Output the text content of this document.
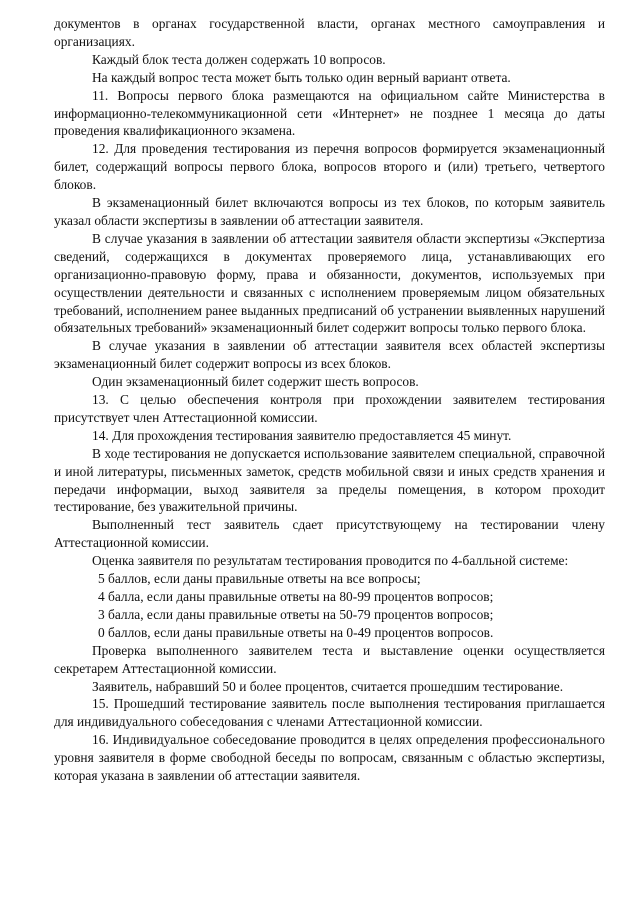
документов в органах государственной власти, органах местного самоуправления и организациях.

Каждый блок теста должен содержать 10 вопросов.

На каждый вопрос теста может быть только один верный вариант ответа.

11. Вопросы первого блока размещаются на официальном сайте Министерства в информационно-телекоммуникационной сети «Интернет» не позднее 1 месяца до даты проведения квалификационного экзамена.

12. Для проведения тестирования из перечня вопросов формируется экзаменационный билет, содержащий вопросы первого блока, вопросов второго и (или) третьего, четвертого блоков.

В экзаменационный билет включаются вопросы из тех блоков, по которым заявитель указал области экспертизы в заявлении об аттестации заявителя.

В случае указания в заявлении об аттестации заявителя области экспертизы «Экспертиза сведений, содержащихся в документах проверяемого лица, устанавливающих его организационно-правовую форму, права и обязанности, документов, используемых при осуществлении деятельности и связанных с исполнением проверяемым лицом обязательных требований, исполнением ранее выданных предписаний об устранении выявленных нарушений обязательных требований» экзаменационный билет содержит вопросы только первого блока.

В случае указания в заявлении об аттестации заявителя всех областей экспертизы экзаменационный билет содержит вопросы из всех блоков.

Один экзаменационный билет содержит шесть вопросов.

13. С целью обеспечения контроля при прохождении заявителем тестирования присутствует член Аттестационной комиссии.

14. Для прохождения тестирования заявителю предоставляется 45 минут.

В ходе тестирования не допускается использование заявителем специальной, справочной и иной литературы, письменных заметок, средств мобильной связи и иных средств хранения и передачи информации, выход заявителя за пределы помещения, в котором проходит тестирование, без уважительной причины.

Выполненный тест заявитель сдает присутствующему на тестировании члену Аттестационной комиссии.

Оценка заявителя по результатам тестирования проводится по 4-балльной системе:

5 баллов, если даны правильные ответы на все вопросы;

4 балла, если даны правильные ответы на 80-99 процентов вопросов;

3 балла, если даны правильные ответы на 50-79 процентов вопросов;

0 баллов, если даны правильные ответы на 0-49 процентов вопросов.

Проверка выполненного заявителем теста и выставление оценки осуществляется секретарем Аттестационной комиссии.

Заявитель, набравший 50 и более процентов, считается прошедшим тестирование.

15. Прошедший тестирование заявитель после выполнения тестирования приглашается для индивидуального собеседования с членами Аттестационной комиссии.

16. Индивидуальное собеседование проводится в целях определения профессионального уровня заявителя в форме свободной беседы по вопросам, связанным с областью экспертизы, которая указана в заявлении об аттестации заявителя.
